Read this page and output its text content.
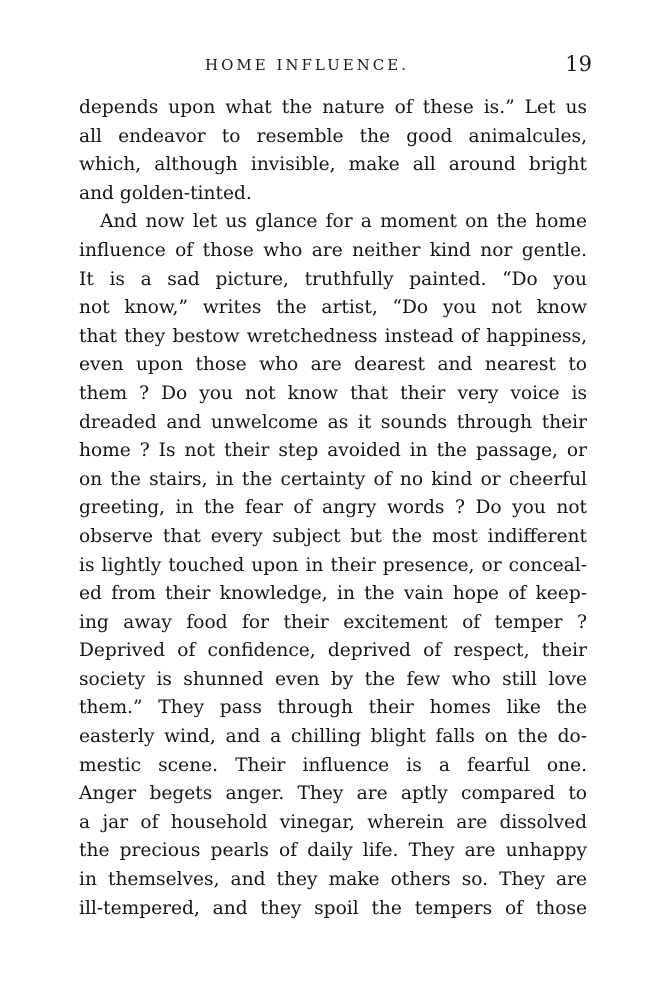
HOME INFLUENCE.	19
depends upon what the nature of these is.” Let us
all endeavor to resemble the good animalcules,
which, although invisible, make all around bright
and golden-tinted.
And now let us glance for a moment on the home
influence of those who are neither kind nor gentle.
It is a sad picture, truthfully painted. “Do you
not know,” writes the artist, “Do you not know
that they bestow wretchedness instead of happiness,
even upon those who are dearest and nearest to
them ? Do you not know that their very voice is
dreaded and unwelcome as it sounds through their
home ? Is not their step avoided in the passage, or
on the stairs, in the certainty of no kind or cheerful
greeting, in the fear of angry words ? Do you not
observe that every subject but the most indifferent
is lightly touched upon in their presence, or conceal-
ed from their knowledge, in the vain hope of keep-
ing away food for their excitement of temper ?
Deprived of confidence, deprived of respect, their
society is shunned even by the few who still love
them.” They pass through their homes like the
easterly wind, and a chilling blight falls on the do-
mestic scene. Their influence is a fearful one.
Anger begets anger. They are aptly compared to
a jar of household vinegar, wherein are dissolved
the precious pearls of daily life. They are unhappy
in themselves, and they make others so. They are
ill-tempered, and they spoil the tempers of those
